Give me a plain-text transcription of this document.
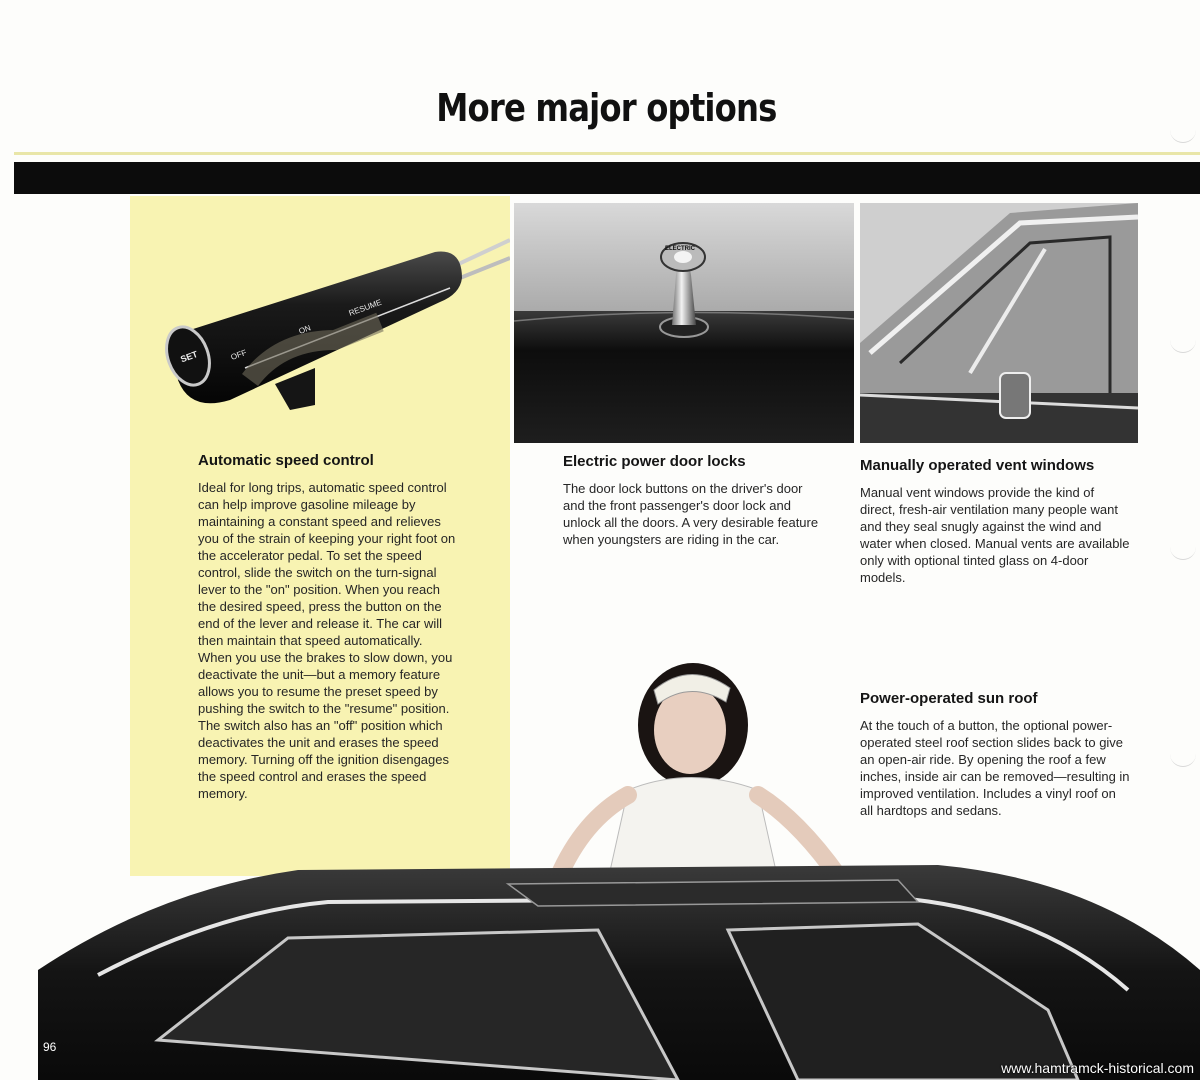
More major options
SET	OFF
ON
RESUME
ELECTRIC
Automatic speed control

Ideal for long trips, automatic speed control can help improve gasoline mileage by maintaining a constant speed and relieves you of the strain of keeping your right foot on the accelerator pedal. To set the speed control, slide the switch on the turn-signal lever to the "on" position. When you reach the desired speed, press the button on the end of the lever and release it. The car will then maintain that speed automatically. When you use the brakes to slow down, you deactivate the unit—but a memory feature allows you to resume the preset speed by pushing the switch to the "resume" position. The switch also has an "off" position which deactivates the unit and erases the speed memory. Turning off the ignition disengages the speed control and erases the speed memory.

Electric power door locks

The door lock buttons on the driver's door and the front passenger's door lock and unlock all the doors. A very desirable feature when youngsters are riding in the car.

Manually operated vent windows

Manual vent windows provide the kind of direct, fresh-air ventilation many people want and they seal snugly against the wind and water when closed. Manual vents are available only with optional tinted glass on 4-door models.

Power-operated sun roof

At the touch of a button, the optional power-operated steel roof section slides back to give an open-air ride. By opening the roof a few inches, inside air can be removed—resulting in improved ventilation. Includes a vinyl roof on all hardtops and sedans.

96
www.hamtramck-historical.com
